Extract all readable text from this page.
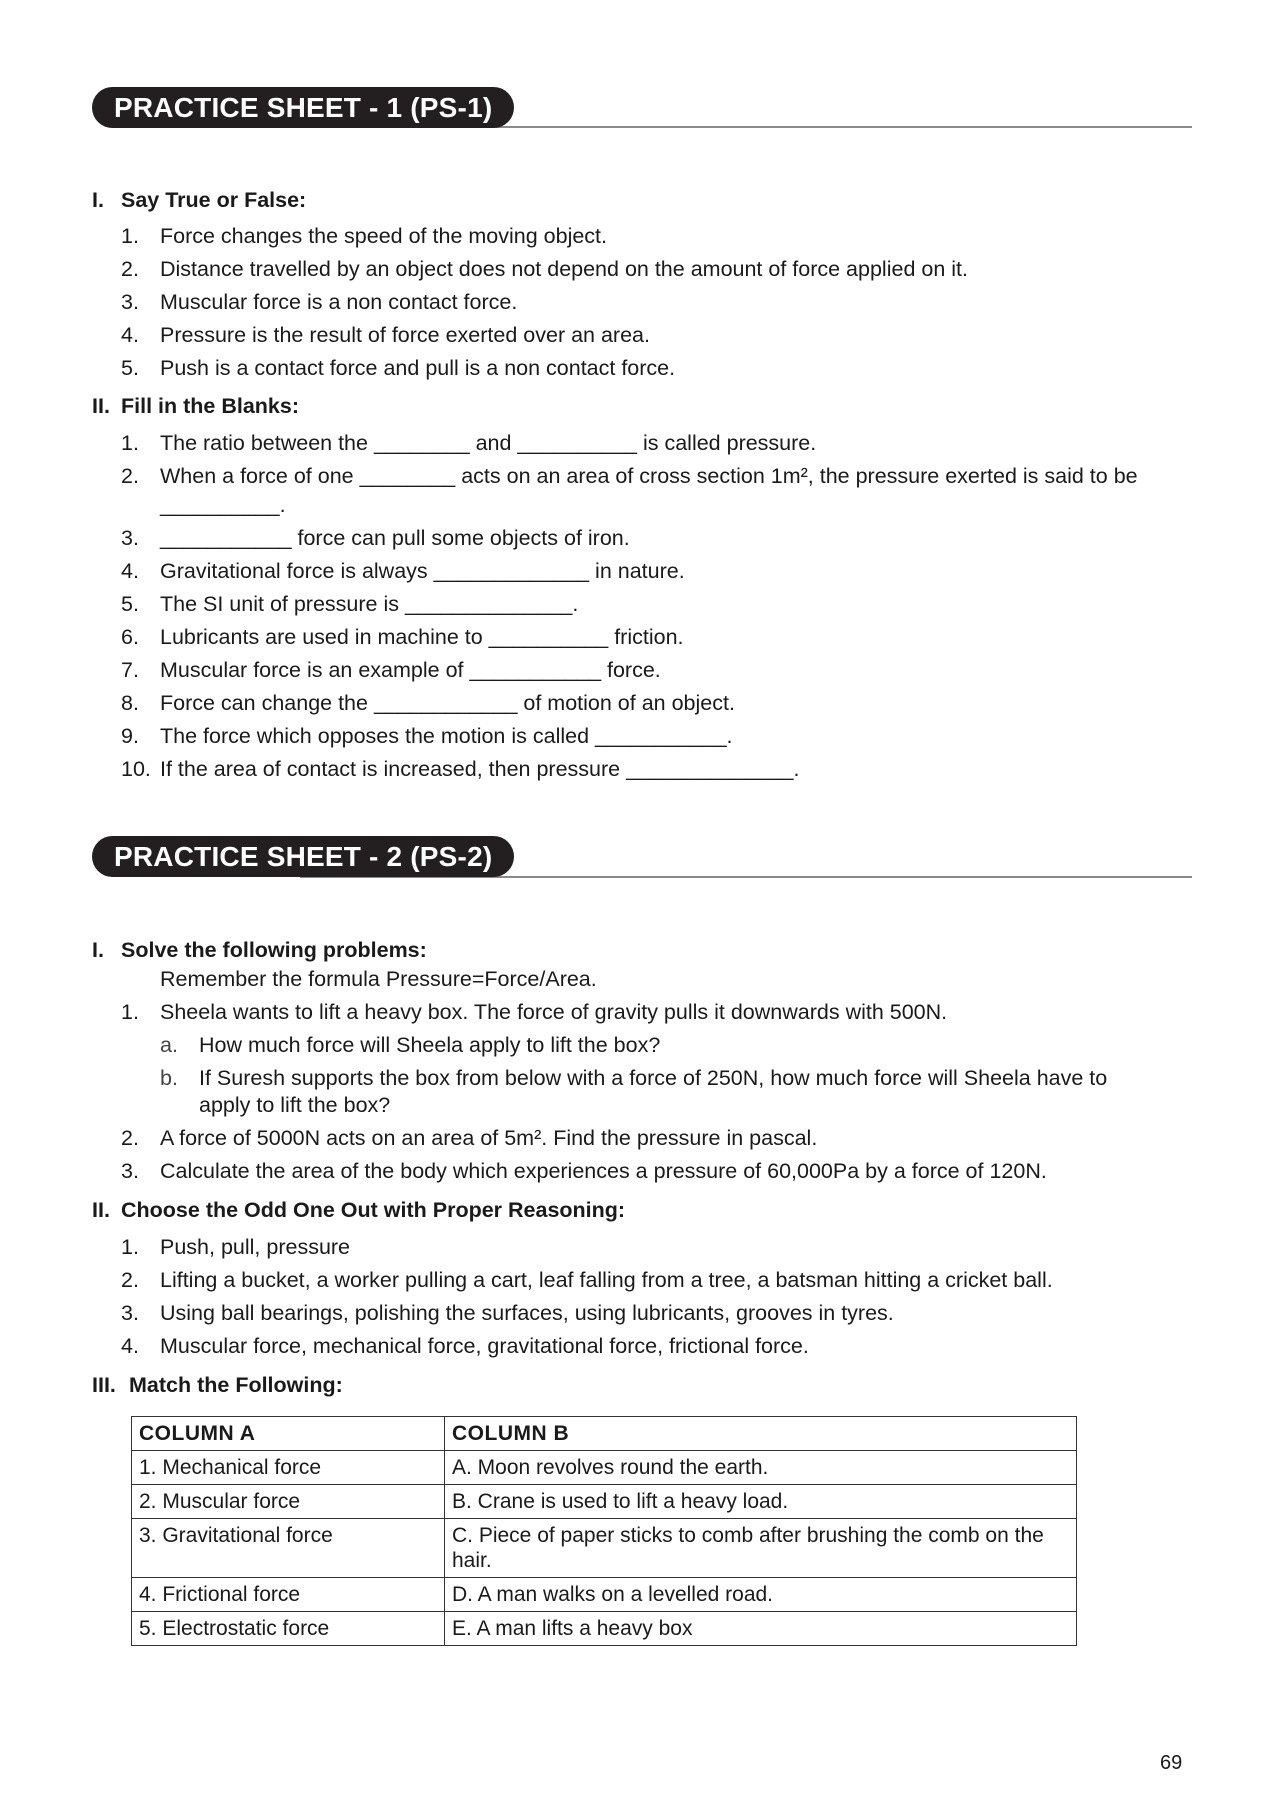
PRACTICE SHEET - 1 (PS-1)
I. Say True or False:
1. Force changes the speed of the moving object.
2. Distance travelled by an object does not depend on the amount of force applied on it.
3. Muscular force is a non contact force.
4. Pressure is the result of force exerted over an area.
5. Push is a contact force and pull is a non contact force.
II. Fill in the Blanks:
1. The ratio between the ________ and __________ is called pressure.
2. When a force of one ________ acts on an area of cross section 1m², the pressure exerted is said to be
__________.
3. ___________ force can pull some objects of iron.
4. Gravitational force is always _____________ in nature.
5. The SI unit of pressure is ______________.
6. Lubricants are used in machine to __________ friction.
7. Muscular force is an example of ___________ force.
8. Force can change the ____________ of motion of an object.
9. The force which opposes the motion is called ___________.
10. If the area of contact is increased, then pressure ______________.
PRACTICE SHEET - 2 (PS-2)
I. Solve the following problems:
Remember the formula Pressure=Force/Area.
1. Sheela wants to lift a heavy box. The force of gravity pulls it downwards with 500N.
a. How much force will Sheela apply to lift the box?
b. If Suresh supports the box from below with a force of 250N, how much force will Sheela have to
apply to lift the box?
2. A force of 5000N acts on an area of 5m². Find the pressure in pascal.
3. Calculate the area of the body which experiences a pressure of 60,000Pa by a force of 120N.
II. Choose the Odd One Out with Proper Reasoning:
1. Push, pull, pressure
2. Lifting a bucket, a worker pulling a cart, leaf falling from a tree, a batsman hitting a cricket ball.
3. Using ball bearings, polishing the surfaces, using lubricants, grooves in tyres.
4. Muscular force, mechanical force, gravitational force, frictional force.
III. Match the Following:
COLUMN A	COLUMN B
1. Mechanical force	A. Moon revolves round the earth.
2. Muscular force	B. Crane is used to lift a heavy load.
3. Gravitational force	C. Piece of paper sticks to comb after brushing the comb on the hair.
4. Frictional force	D. A man walks on a levelled road.
5. Electrostatic force	E. A man lifts a heavy box
69
